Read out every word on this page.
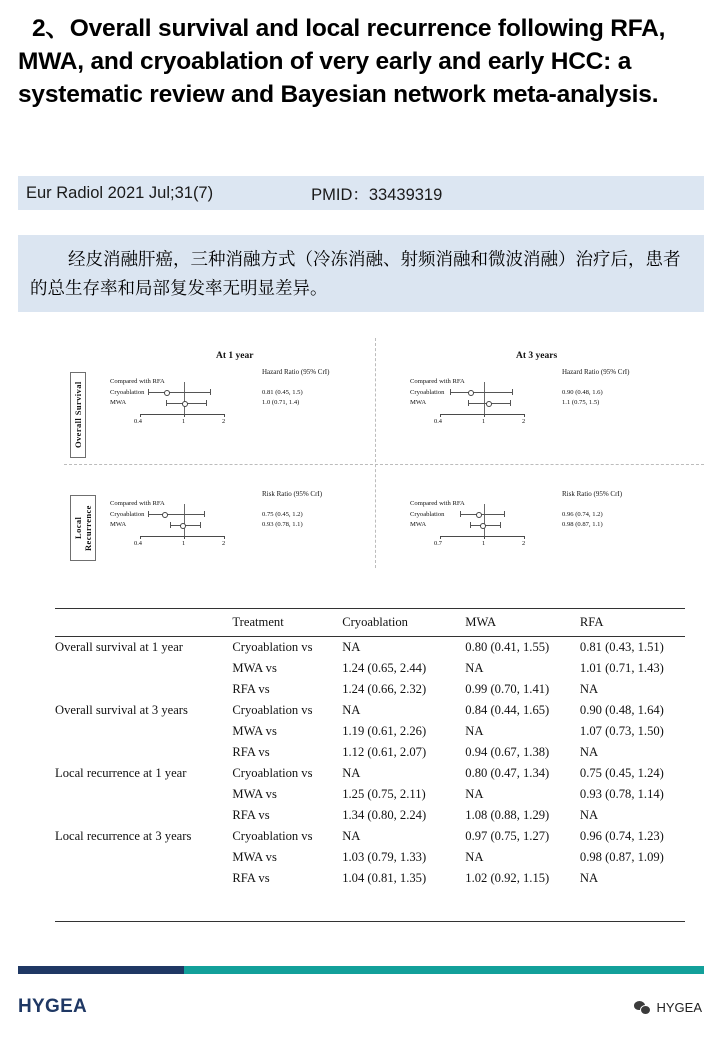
2、Overall survival and local recurrence following RFA, MWA, and cryoablation of very early and early HCC: a systematic review and Bayesian network meta-analysis.
Eur Radiol 2021 Jul;31(7)	PMID：33439319
经皮消融肝癌，三种消融方式（冷冻消融、射频消融和微波消融）治疗后，患者的总生存率和局部复发率无明显差异。
Overall Survival
Local Recurrence
At 1 year	At 3 years
Compared with RFA
Cryoablation
MWA
Hazard Ratio (95% CrI)
0.81 (0.45, 1.5)
1.0 (0.71, 1.4)
0.4	1	2
Compared with RFA
Cryoablation
MWA
Hazard Ratio (95% CrI)
0.90 (0.48, 1.6)
1.1 (0.75, 1.5)
0.4	1	2
Compared with RFA
Cryoablation
MWA
Risk Ratio (95% CrI)
0.75 (0.45, 1.2)
0.93 (0.78, 1.1)
0.4	1	2
Compared with RFA
Cryoablation
MWA
Risk Ratio (95% CrI)
0.96 (0.74, 1.2)
0.98 (0.87, 1.1)
0.7	1	2
	Treatment	Cryoablation	MWA	RFA
Overall survival at 1 year	Cryoablation vs	NA	0.80 (0.41, 1.55)	0.81 (0.43, 1.51)
	MWA vs	1.24 (0.65, 2.44)	NA	1.01 (0.71, 1.43)
	RFA vs	1.24 (0.66, 2.32)	0.99 (0.70, 1.41)	NA
Overall survival at 3 years	Cryoablation vs	NA	0.84 (0.44, 1.65)	0.90 (0.48, 1.64)
	MWA vs	1.19 (0.61, 2.26)	NA	1.07 (0.73, 1.50)
	RFA vs	1.12 (0.61, 2.07)	0.94 (0.67, 1.38)	NA
Local recurrence at 1 year	Cryoablation vs	NA	0.80 (0.47, 1.34)	0.75 (0.45, 1.24)
	MWA vs	1.25 (0.75, 2.11)	NA	0.93 (0.78, 1.14)
	RFA vs	1.34 (0.80, 2.24)	1.08 (0.88, 1.29)	NA
Local recurrence at 3 years	Cryoablation vs	NA	0.97 (0.75, 1.27)	0.96 (0.74, 1.23)
	MWA vs	1.03 (0.79, 1.33)	NA	0.98 (0.87, 1.09)
	RFA vs	1.04 (0.81, 1.35)	1.02 (0.92, 1.15)	NA
HYGEA	HYGEA
